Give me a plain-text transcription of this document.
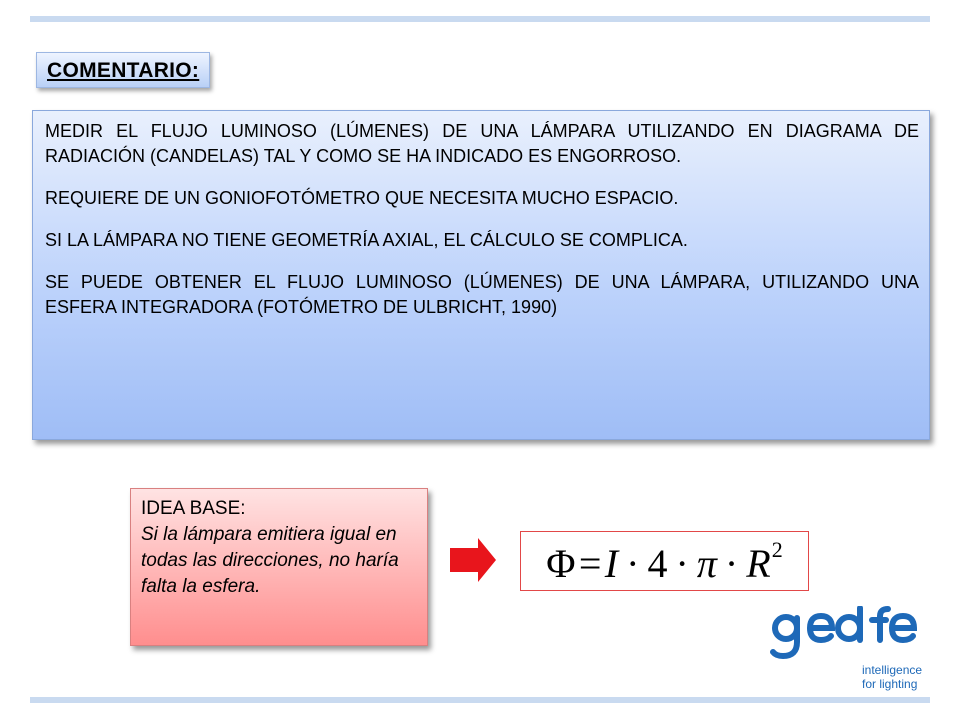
COMENTARIO:

MEDIR EL FLUJO LUMINOSO (LÚMENES) DE UNA LÁMPARA UTILIZANDO EN DIAGRAMA DE RADIACIÓN (CANDELAS) TAL Y COMO SE HA INDICADO ES ENGORROSO.

REQUIERE DE UN GONIOFOTÓMETRO QUE NECESITA MUCHO ESPACIO.

SI LA LÁMPARA NO TIENE GEOMETRÍA AXIAL, EL CÁLCULO SE COMPLICA.

SE PUEDE OBTENER EL FLUJO LUMINOSO (LÚMENES) DE UNA LÁMPARA, UTILIZANDO UNA ESFERA INTEGRADORA (FOTÓMETRO DE ULBRICHT, 1990)

IDEA BASE:
Si la lámpara emitiera igual en todas las direcciones, no haría falta la esfera.
Φ = $I \cdot 4 \cdot \pi \cdot R^2$
intelligence
for lighting
